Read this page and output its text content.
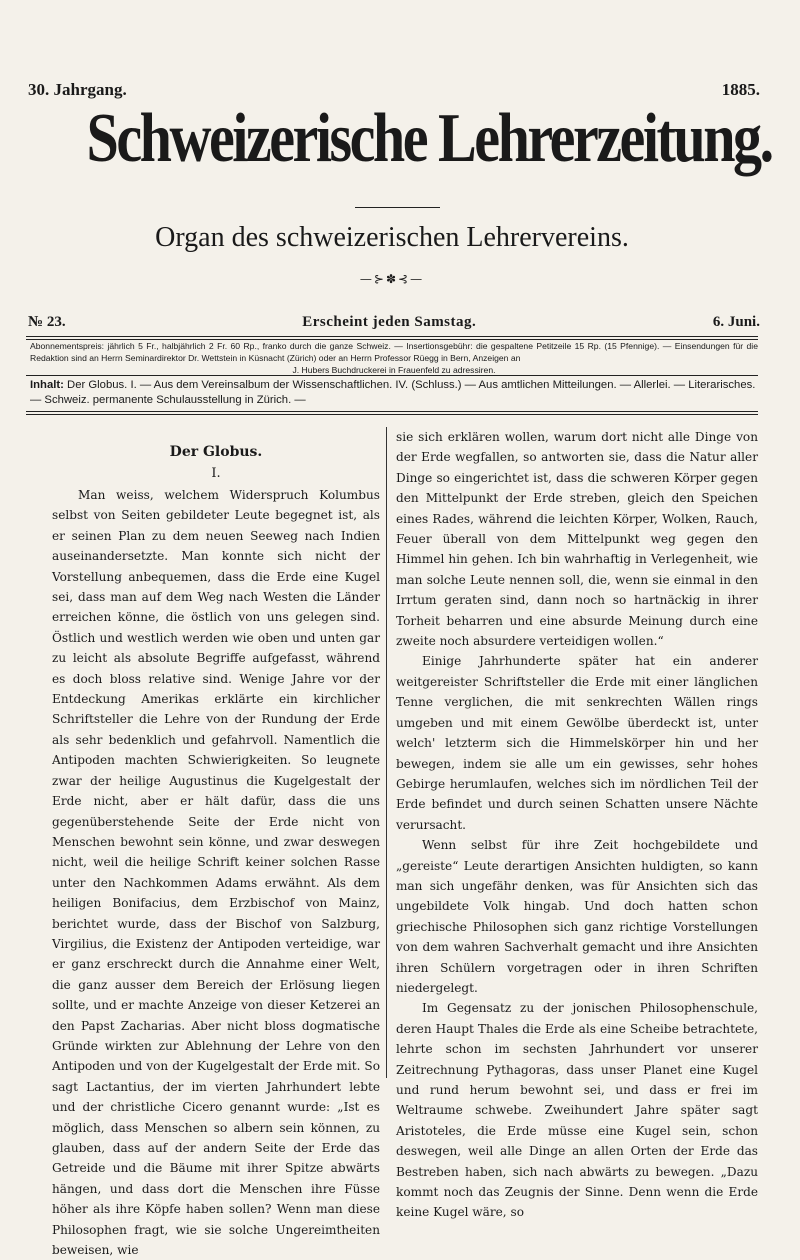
30. Jahrgang.	1885.
Schweizerische Lehrerzeitung.
Organ des schweizerischen Lehrervereins.
—⊱✽⊰—
№ 23.	Erscheint jeden Samstag.	6. Juni.
Abonnementspreis: jährlich 5 Fr., halbjährlich 2 Fr. 60 Rp., franko durch die ganze Schweiz. — Insertionsgebühr: die gespaltene Petitzeile 15 Rp. (15 Pfennige). — Einsendungen für die Redaktion sind an Herrn Seminardirektor Dr. Wettstein in Küsnacht (Zürich) oder an Herrn Professor Rüegg in Bern, Anzeigen an
J. Hubers Buchdruckerei in Frauenfeld zu adressiren.
Inhalt: Der Globus. I. — Aus dem Vereinsalbum der Wissenschaftlichen. IV. (Schluss.) — Aus amtlichen Mitteilungen. — Allerlei. — Literarisches. — Schweiz. permanente Schulausstellung in Zürich. —
Der Globus.
I.

Man weiss, welchem Widerspruch Kolumbus selbst von Seiten gebildeter Leute begegnet ist, als er seinen Plan zu dem neuen Seeweg nach Indien auseinandersetzte. Man konnte sich nicht der Vorstellung anbequemen, dass die Erde eine Kugel sei, dass man auf dem Weg nach Westen die Länder erreichen könne, die östlich von uns gelegen sind. Östlich und westlich werden wie oben und unten gar zu leicht als absolute Begriffe aufgefasst, während es doch bloss relative sind. Wenige Jahre vor der Entdeckung Amerikas erklärte ein kirchlicher Schriftsteller die Lehre von der Rundung der Erde als sehr bedenklich und gefahrvoll. Namentlich die Antipoden machten Schwierigkeiten. So leugnete zwar der heilige Augustinus die Kugelgestalt der Erde nicht, aber er hält dafür, dass die uns gegenüberstehende Seite der Erde nicht von Menschen bewohnt sein könne, und zwar deswegen nicht, weil die heilige Schrift keiner solchen Rasse unter den Nachkommen Adams erwähnt. Als dem heiligen Bonifacius, dem Erzbischof von Mainz, berichtet wurde, dass der Bischof von Salzburg, Virgilius, die Existenz der Antipoden verteidige, war er ganz erschreckt durch die Annahme einer Welt, die ganz ausser dem Bereich der Erlösung liegen sollte, und er machte Anzeige von dieser Ketzerei an den Papst Zacharias. Aber nicht bloss dogmatische Gründe wirkten zur Ablehnung der Lehre von den Antipoden und von der Kugelgestalt der Erde mit. So sagt Lactantius, der im vierten Jahrhundert lebte und der christliche Cicero genannt wurde: „Ist es möglich, dass Menschen so albern sein können, zu glauben, dass auf der andern Seite der Erde das Getreide und die Bäume mit ihrer Spitze abwärts hängen, und dass dort die Menschen ihre Füsse höher als ihre Köpfe haben sollen? Wenn man diese Philosophen fragt, wie sie solche Ungereimtheiten beweisen, wie

sie sich erklären wollen, warum dort nicht alle Dinge von der Erde wegfallen, so antworten sie, dass die Natur aller Dinge so eingerichtet ist, dass die schweren Körper gegen den Mittelpunkt der Erde streben, gleich den Speichen eines Rades, während die leichten Körper, Wolken, Rauch, Feuer überall von dem Mittelpunkt weg gegen den Himmel hin gehen. Ich bin wahrhaftig in Verlegenheit, wie man solche Leute nennen soll, die, wenn sie einmal in den Irrtum geraten sind, dann noch so hartnäckig in ihrer Torheit beharren und eine absurde Meinung durch eine zweite noch absurdere verteidigen wollen.“

Einige Jahrhunderte später hat ein anderer weitgereister Schriftsteller die Erde mit einer länglichen Tenne verglichen, die mit senkrechten Wällen rings umgeben und mit einem Gewölbe überdeckt ist, unter welch' letzterm sich die Himmelskörper hin und her bewegen, indem sie alle um ein gewisses, sehr hohes Gebirge herumlaufen, welches sich im nördlichen Teil der Erde befindet und durch seinen Schatten unsere Nächte verursacht.

Wenn selbst für ihre Zeit hochgebildete und „gereiste“ Leute derartigen Ansichten huldigten, so kann man sich ungefähr denken, was für Ansichten sich das ungebildete Volk hingab. Und doch hatten schon griechische Philosophen sich ganz richtige Vorstellungen von dem wahren Sachverhalt gemacht und ihre Ansichten ihren Schülern vorgetragen oder in ihren Schriften niedergelegt.

Im Gegensatz zu der jonischen Philosophenschule, deren Haupt Thales die Erde als eine Scheibe betrachtete, lehrte schon im sechsten Jahrhundert vor unserer Zeitrechnung Pythagoras, dass unser Planet eine Kugel und rund herum bewohnt sei, und dass er frei im Weltraume schwebe. Zweihundert Jahre später sagt Aristoteles, die Erde müsse eine Kugel sein, schon deswegen, weil alle Dinge an allen Orten der Erde das Bestreben haben, sich nach abwärts zu bewegen. „Dazu kommt noch das Zeugnis der Sinne. Denn wenn die Erde keine Kugel wäre, so
